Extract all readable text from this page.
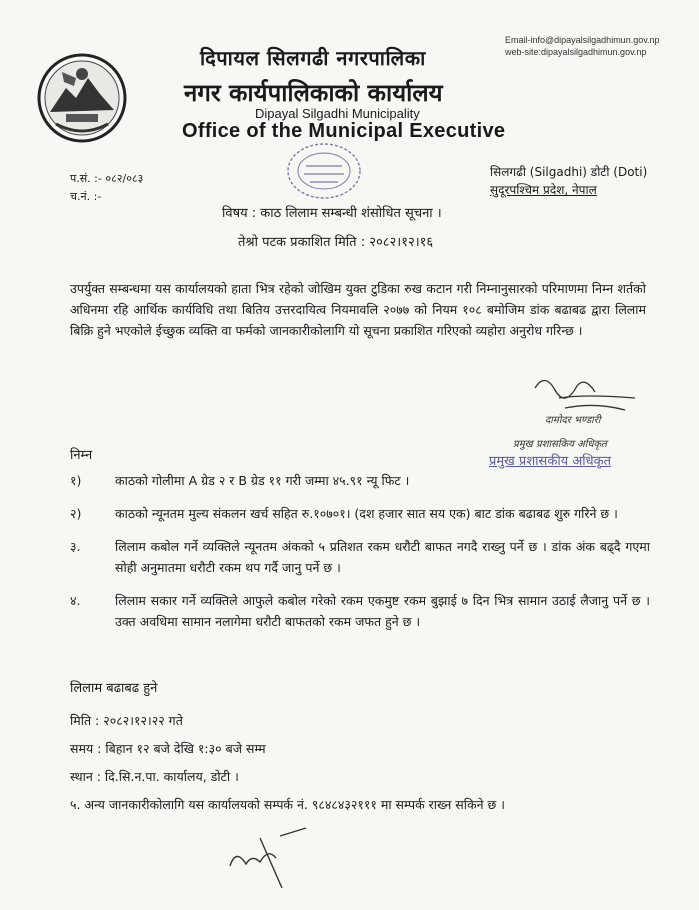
Email-info@dipayalsilgadhimun.gov.np
web-site:dipayalsilgadhimun.gov.np
दिपायल सिलगढी नगरपालिका
नगर कार्यपालिकाको कार्यालय
Dipayal Silgadhi Municipality
Office of the Municipal Executive
प.सं. :- ०८२/०८३
च.नं. :-
सिलगढी (Silgadhi) डोटी (Doti)
सुदूरपश्चिम प्रदेश, नेपाल
विषय : काठ लिलाम सम्बन्धी शंसोधित सूचना ।
तेश्रो पटक प्रकाशित मिति : २०८२।१२।१६
उपर्युक्त सम्बन्धमा यस कार्यालयको हाता भित्र रहेको जोखिम युक्त टुडिका रुख कटान गरी निम्नानुसारको परिमाणमा निम्न शर्तको अधिनमा रहि आर्थिक कार्यविधि तथा बितिय उत्तरदायित्व नियमावलि २०७७ को नियम १०८ बमोजिम डांक बढाबढ द्वारा लिलाम बिक्रि हुने भएकोले ईच्छुक व्यक्ति वा फर्मको जानकारीकोलागि यो सूचना प्रकाशित गरिएको व्यहोरा अनुरोध गरिन्छ ।
दामोदर भण्डारी
प्रमुख प्रशासकिय अधिकृत
प्रमुख प्रशासकीय अधिकृत
निम्न
१)	काठको गोलीमा A ग्रेड २ र B ग्रेड ११ गरी जम्मा ४५.९१ न्यू फिट ।
२)	काठको न्यूनतम मुल्य संकलन खर्च सहित रु.१०७०१। (दश हजार सात सय एक) बाट डांक बढाबढ शुरु गरिने छ ।
३.	लिलाम कबोल गर्ने व्यक्तिले न्यूनतम अंकको ५ प्रतिशत रकम धरौटी बाफत नगदै राख्नु पर्ने छ । डांक अंक बढ्दै गएमा सोही अनुमातमा धरौटी रकम थप गर्दै जानु पर्ने छ ।
४.	लिलाम सकार गर्ने व्यक्तिले आफुले कबोल गरेको रकम एकमुष्ट रकम बुझाई ७ दिन भित्र सामान उठाई लैजानु पर्ने छ । उक्त अवधिमा सामान नलागेमा धरौटी बाफतको रकम जफत हुने छ ।
लिलाम बढाबढ हुने
मिति : २०८२।१२।२२ गते
समय : बिहान १२ बजे देखि १:३० बजे सम्म
स्थान : दि.सि.न.पा. कार्यालय, डोटी ।
५. अन्य जानकारीकोलागि यस कार्यालयको सम्पर्क नं. ९८४८४३२१११ मा सम्पर्क राख्न सकिने छ ।
